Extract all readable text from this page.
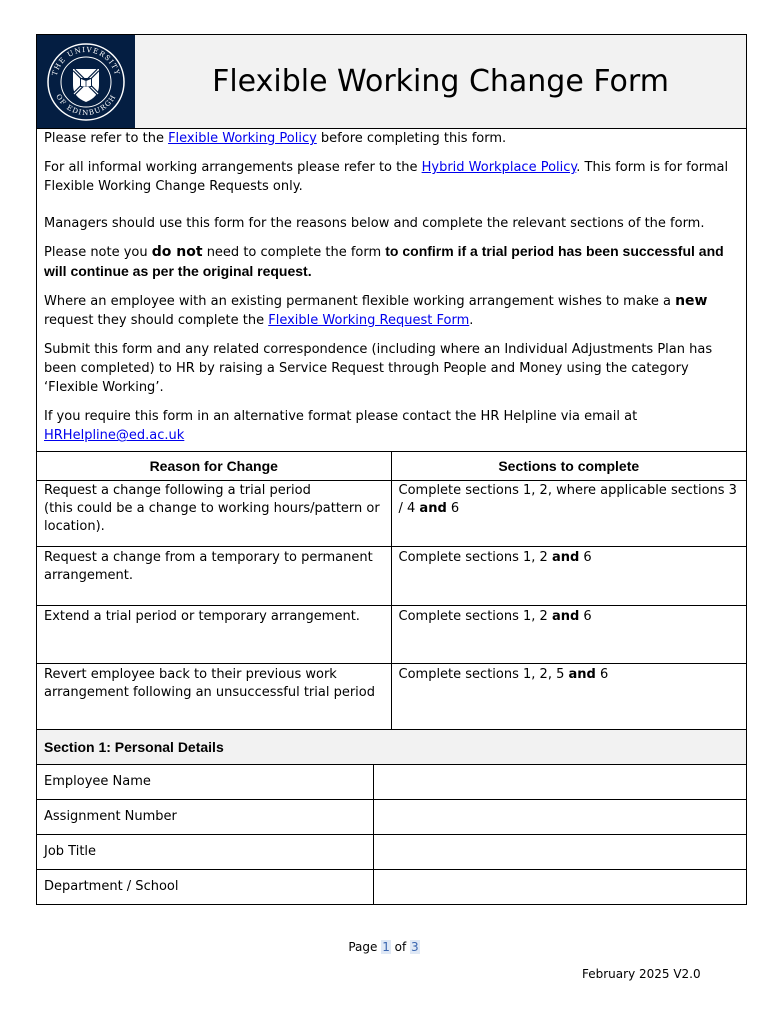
THE UNIVERSITY
OF EDINBURGH	Flexible Working Change Form

Please refer to the Flexible Working Policy before completing this form.

For all informal working arrangements please refer to the Hybrid Workplace Policy. This form is for formal Flexible Working Change Requests only.

Managers should use this form for the reasons below and complete the relevant sections of the form.

Please note you do not need to complete the form to confirm if a trial period has been successful and will continue as per the original request.

Where an employee with an existing permanent flexible working arrangement wishes to make a new request they should complete the Flexible Working Request Form.

Submit this form and any related correspondence (including where an Individual Adjustments Plan has been completed) to HR by raising a Service Request through People and Money using the category ‘Flexible Working’.

If you require this form in an alternative format please contact the HR Helpline via email at
HRHelpline@ed.ac.uk

Reason for Change	Sections to complete
Request a change following a trial period
(this could be a change to working hours/pattern or location).	Complete sections 1, 2, where applicable sections 3 / 4 and 6
Request a change from a temporary to permanent arrangement.	Complete sections 1, 2 and 6
Extend a trial period or temporary arrangement.	Complete sections 1, 2 and 6
Revert employee back to their previous work arrangement following an unsuccessful trial period	Complete sections 1, 2, 5 and 6
Section 1: Personal Details	
Employee Name	
Assignment Number	
Job Title	
Department / School	
Page 1 of 3
February 2025 V2.0
